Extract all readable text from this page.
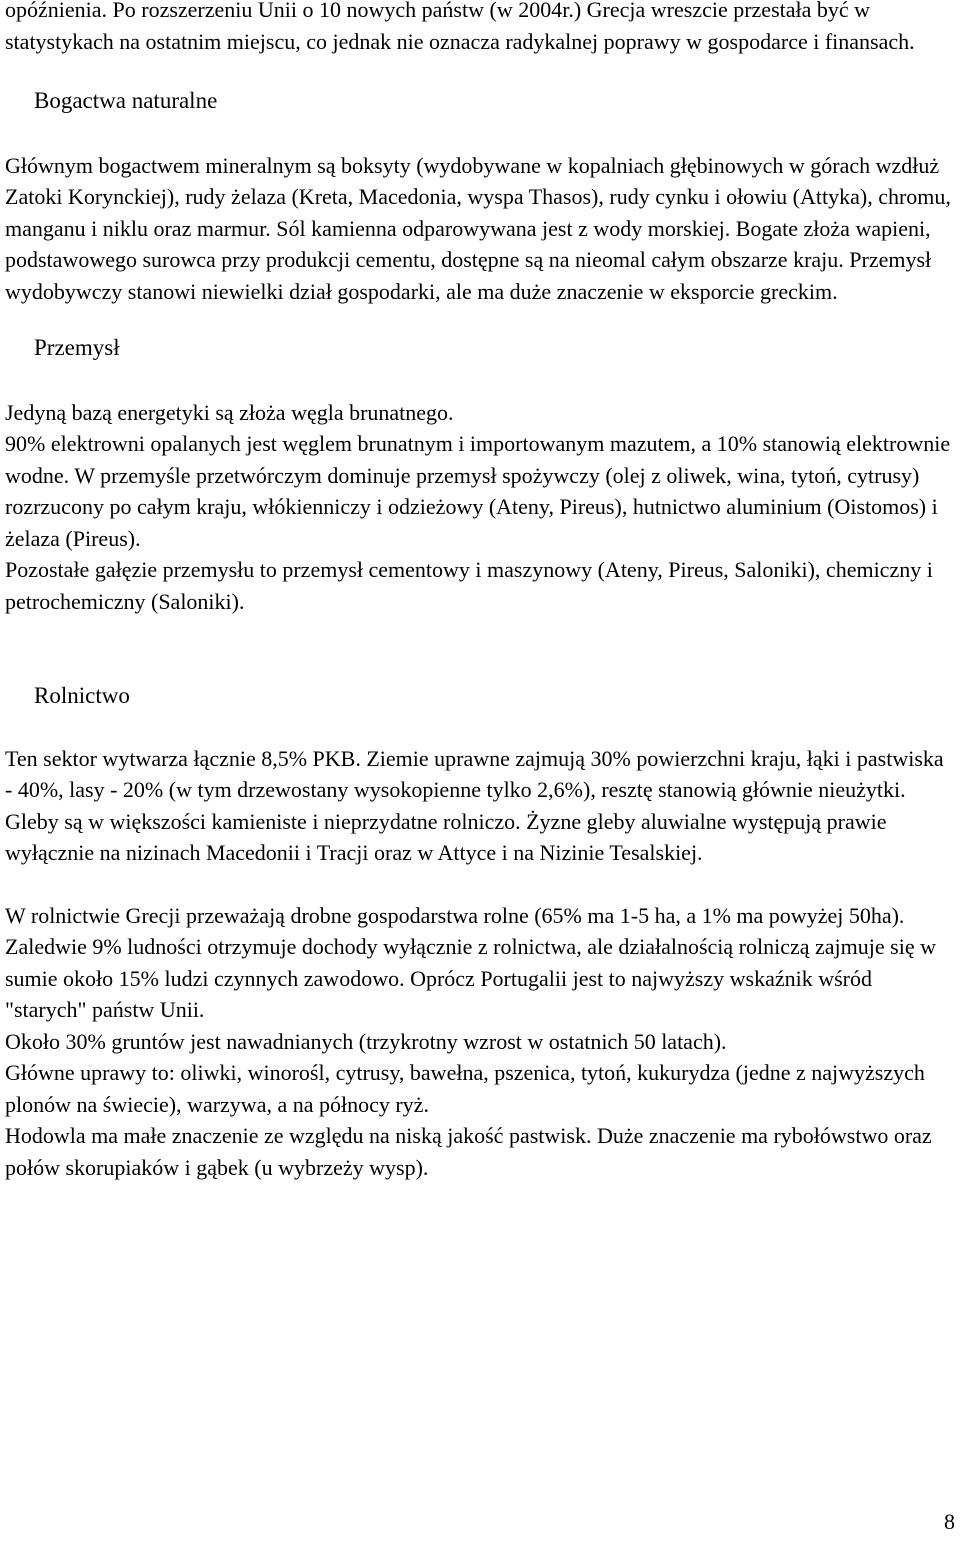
opóźnienia. Po rozszerzeniu Unii o 10 nowych państw (w 2004r.) Grecja wreszcie przestała być w statystykach na ostatnim miejscu, co jednak nie oznacza radykalnej poprawy w gospodarce i finansach.

Bogactwa naturalne

Głównym bogactwem mineralnym są boksyty (wydobywane w kopalniach głębinowych w górach wzdłuż Zatoki Korynckiej), rudy żelaza (Kreta, Macedonia, wyspa Thasos), rudy cynku i ołowiu (Attyka), chromu, manganu i niklu oraz marmur. Sól kamienna odparowywana jest z wody morskiej. Bogate złoża wapieni, podstawowego surowca przy produkcji cementu, dostępne są na nieomal całym obszarze kraju. Przemysł wydobywczy stanowi niewielki dział gospodarki, ale ma duże znaczenie w eksporcie greckim.

Przemysł

Jedyną bazą energetyki są złoża węgla brunatnego.

90% elektrowni opalanych jest węglem brunatnym i importowanym mazutem, a 10% stanowią elektrownie wodne. W przemyśle przetwórczym dominuje przemysł spożywczy (olej z oliwek, wina, tytoń, cytrusy) rozrzucony po całym kraju, włókienniczy i odzieżowy (Ateny, Pireus), hutnictwo aluminium (Oistomos) i żelaza (Pireus).

Pozostałe gałęzie przemysłu to przemysł cementowy i maszynowy (Ateny, Pireus, Saloniki), chemiczny i petrochemiczny (Saloniki).

Rolnictwo

Ten sektor wytwarza łącznie 8,5% PKB. Ziemie uprawne zajmują 30% powierzchni kraju, łąki i pastwiska - 40%, lasy - 20% (w tym drzewostany wysokopienne tylko 2,6%), resztę stanowią głównie nieużytki. Gleby są w większości kamieniste i nieprzydatne rolniczo. Żyzne gleby aluwialne występują prawie wyłącznie na nizinach Macedonii i Tracji oraz w Attyce i na Nizinie Tesalskiej.

W rolnictwie Grecji przeważają drobne gospodarstwa rolne (65% ma 1-5 ha, a 1% ma powyżej 50ha). Zaledwie 9% ludności otrzymuje dochody wyłącznie z rolnictwa, ale działalnością rolniczą zajmuje się w sumie około 15% ludzi czynnych zawodowo. Oprócz Portugalii jest to najwyższy wskaźnik wśród "starych" państw Unii.

Około 30% gruntów jest nawadnianych (trzykrotny wzrost w ostatnich 50 latach).

Główne uprawy to: oliwki, winorośl, cytrusy, bawełna, pszenica, tytoń, kukurydza (jedne z najwyższych plonów na świecie), warzywa, a na północy ryż.

Hodowla ma małe znaczenie ze względu na niską jakość pastwisk. Duże znaczenie ma rybołówstwo oraz połów skorupiaków i gąbek (u wybrzeży wysp).

8
